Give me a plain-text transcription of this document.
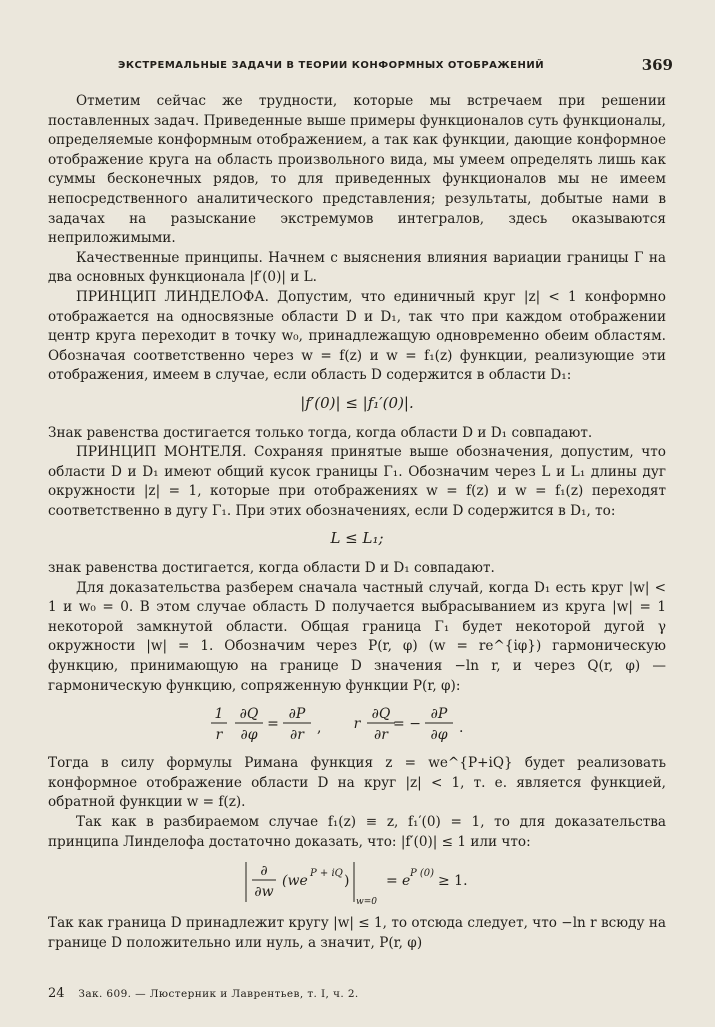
ЭКСТРЕМАЛЬНЫЕ ЗАДАЧИ В ТЕОРИИ КОНФОРМНЫХ ОТОБРАЖЕНИЙ	369

Отметим сейчас же трудности, которые мы встречаем при решении поставленных задач. Приведенные выше примеры функционалов суть функционалы, определяемые конформным отображением, а так как функции, дающие конформное отображение круга на область произвольного вида, мы умеем определять лишь как суммы бесконечных рядов, то для приведенных функционалов мы не имеем непосредственного аналитического представления; результаты, добытые нами в задачах на разыскание экстремумов интегралов, здесь оказываются неприложимыми.

Качественные принципы. Начнем с выяснения влияния вариации границы Γ на два основных функционала |f′(0)| и L.

ПРИНЦИП ЛИНДЕЛОФА. Допустим, что единичный круг |z| < 1 конформно отображается на односвязные области D и D₁, так что при каждом отображении центр круга переходит в точку w₀, принадлежащую одновременно обеим областям. Обозначая соответственно через w = f(z) и w = f₁(z) функции, реализующие эти отображения, имеем в случае, если область D содержится в области D₁:

|f′(0)| ≤ |f₁′(0)|.

Знак равенства достигается только тогда, когда области D и D₁ совпадают.

ПРИНЦИП МОНТЕЛЯ. Сохраняя принятые выше обозначения, допустим, что области D и D₁ имеют общий кусок границы Γ₁. Обозначим через L и L₁ длины дуг окружности |z| = 1, которые при отображениях w = f(z) и w = f₁(z) переходят соответственно в дугу Γ₁. При этих обозначениях, если D содержится в D₁, то:

L ≤ L₁;

знак равенства достигается, когда области D и D₁ совпадают.

Для доказательства разберем сначала частный случай, когда D₁ есть круг |w| < 1 и w₀ = 0. В этом случае область D получается выбрасыванием из круга |w| = 1 некоторой замкнутой области. Общая граница Γ₁ будет некоторой дугой γ окружности |w| = 1. Обозначим через P(r, φ) (w = re^{iφ}) гармоническую функцию, принимающую на границе D значения −ln r, и через Q(r, φ) — гармоническую функцию, сопряженную функции P(r, φ):

1
r
∂Q
∂φ
=
∂P
∂r , r
∂Q
∂r
= −
∂P
∂φ .

Тогда в силу формулы Римана функция z = we^{P+iQ} будет реализовать конформное отображение области D на круг |z| < 1, т. е. является функцией, обратной функции w = f(z).

Так как в разбираемом случае f₁(z) ≡ z, f₁′(0) = 1, то для доказательства принципа Линделофа достаточно доказать, что: |f′(0)| ≤ 1 или что:

∂
∂w
(we P + iQ )
w=0
= e P (0) ≥ 1.

Так как граница D принадлежит кругу |w| ≤ 1, то отсюда следует, что −ln r всюду на границе D положительно или нуль, а значит, P(r, φ)

24 Зак. 609. — Люстерник и Лаврентьев, т. I, ч. 2.
